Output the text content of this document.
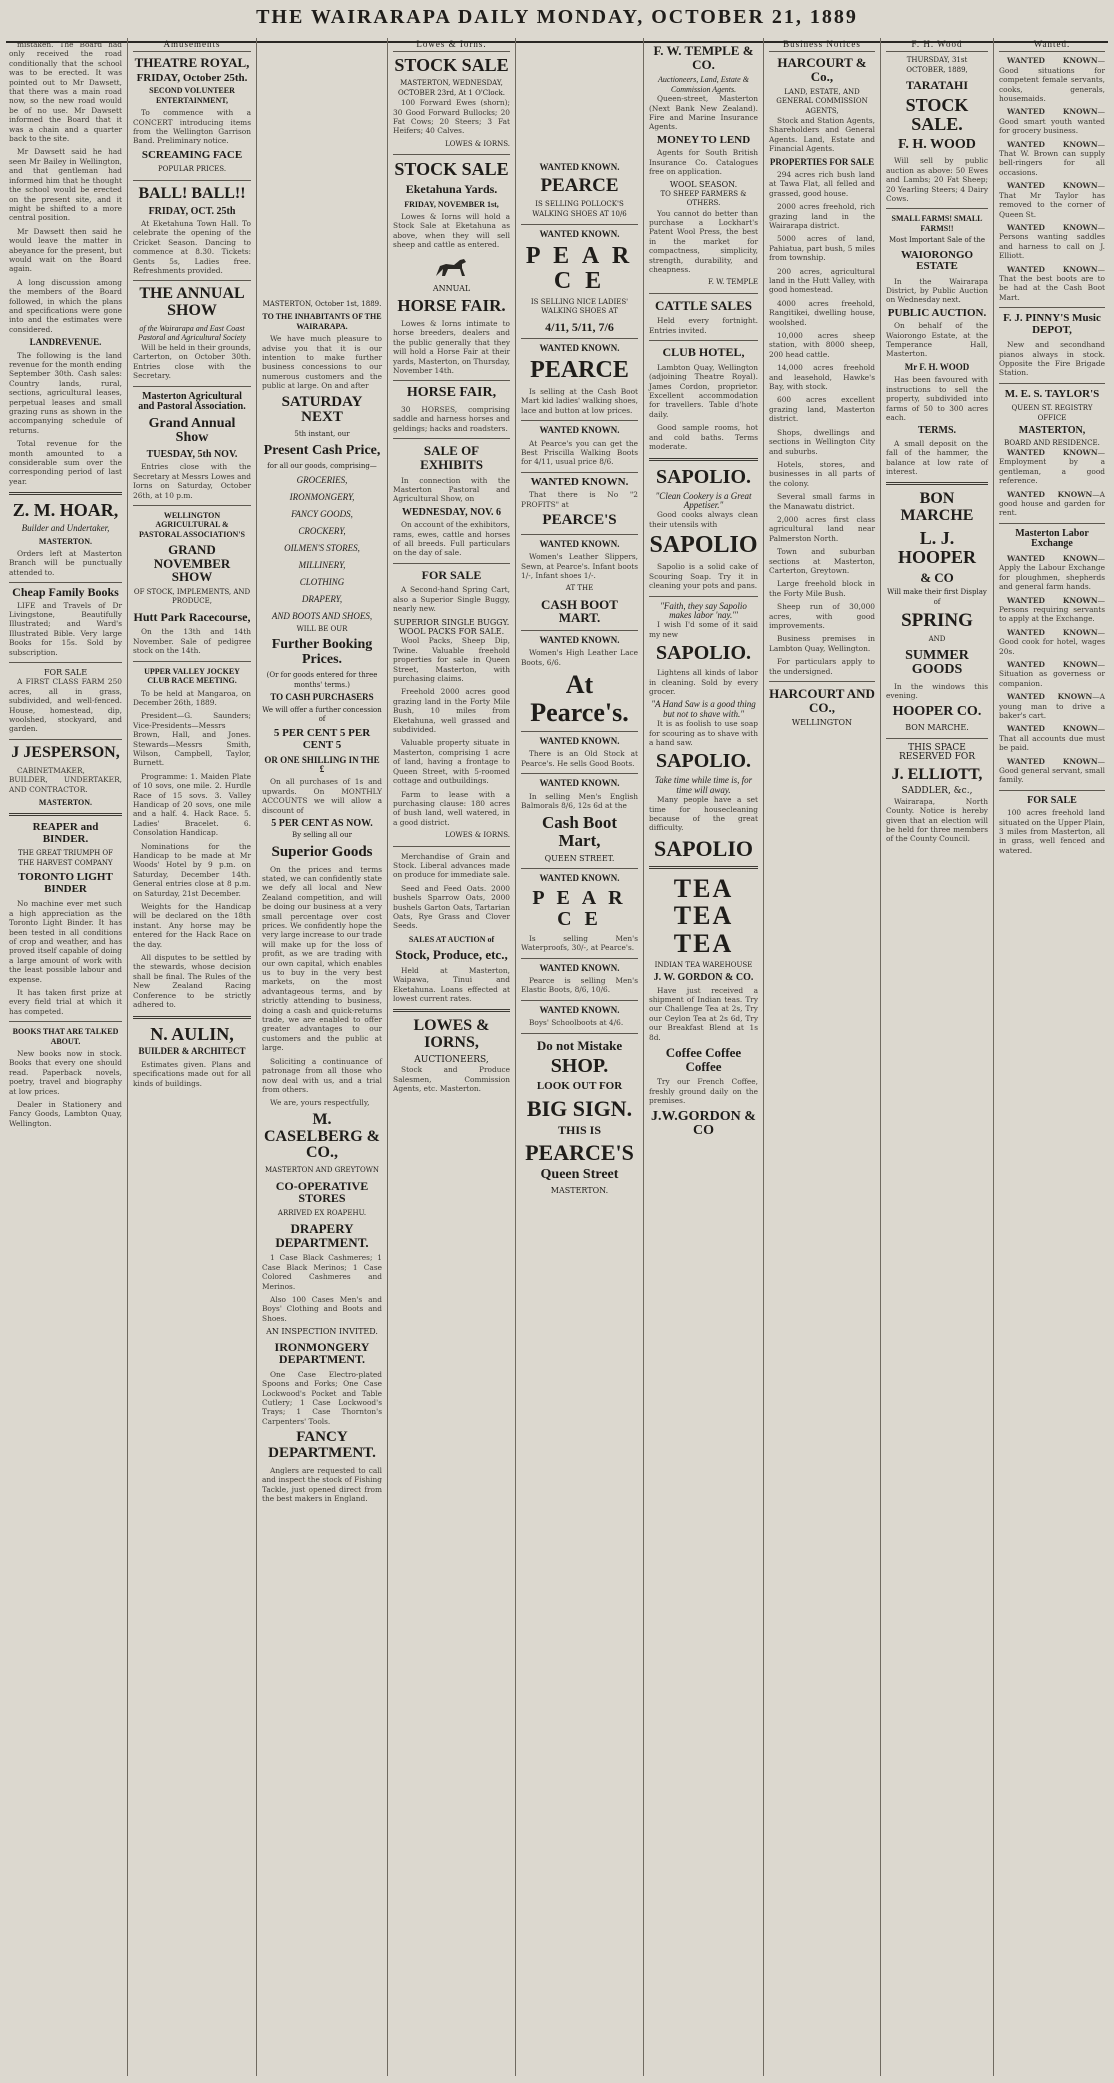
THE WAIRARAPA DAILY MONDAY, OCTOBER 21, 1889

mistaken. The Board had only received the road conditionally that the school was to be erected. It was pointed out to Mr Dawsett, that there was a main road now, so the new road would be of no use. Mr Dawsett informed the Board that it was a chain and a quarter back to the site.

Mr Dawsett said he had seen Mr Bailey in Wellington, and that gentleman had informed him that he thought the school would be erected on the present site, and it might be shifted to a more central position.

Mr Dawsett then said he would leave the matter in abeyance for the present, but would wait on the Board again.

A long discussion among the members of the Board followed, in which the plans and specifications were gone into and the estimates were considered.

LANDREVENUE.

The following is the land revenue for the month ending September 30th. Cash sales: Country lands, rural, sections, agricultural leases, perpetual leases and small grazing runs as shown in the accompanying schedule of returns.

Total revenue for the month amounted to a considerable sum over the corresponding period of last year.

Z. M. HOAR,
Builder and Undertaker,
MASTERTON.

Orders left at Masterton Branch will be punctually attended to.

Cheap Family Books

LIFE and Travels of Dr Livingstone, Beautifully Illustrated; and Ward's Illustrated Bible. Very large Books for 15s. Sold by subscription.

FOR SALE

A FIRST CLASS FARM 250 acres, all in grass, subdivided, and well-fenced. House, homestead, dip, woolshed, stockyard, and garden.

J JESPERSON,

CABINETMAKER, BUILDER, UNDERTAKER, AND CONTRACTOR.

MASTERTON.
REAPER and BINDER.
THE GREAT TRIUMPH OF THE HARVEST COMPANY
TORONTO LIGHT BINDER

No machine ever met such a high appreciation as the Toronto Light Binder. It has been tested in all conditions of crop and weather, and has proved itself capable of doing a large amount of work with the least possible labour and expense.

It has taken first prize at every field trial at which it has competed.

BOOKS THAT ARE TALKED ABOUT.

New books now in stock. Books that every one should read. Paperback novels, poetry, travel and biography at low prices.

Dealer in Stationery and Fancy Goods, Lambton Quay, Wellington.

Amusements
THEATRE ROYAL,
FRIDAY, October 25th.
SECOND VOLUNTEER ENTERTAINMENT,

To commence with a CONCERT introducing items from the Wellington Garrison Band. Preliminary notice.

SCREAMING FACE
POPULAR PRICES.
BALL! BALL!!
FRIDAY, OCT. 25th

At Eketahuna Town Hall. To celebrate the opening of the Cricket Season. Dancing to commence at 8.30. Tickets: Gents 5s, Ladies free. Refreshments provided.

THE ANNUAL SHOW
of the Wairarapa and East Coast Pastoral and Agricultural Society

Will be held in their grounds, Carterton, on October 30th. Entries close with the Secretary.

Masterton Agricultural and Pastoral Association.
Grand Annual Show
TUESDAY, 5th NOV.

Entries close with the Secretary at Messrs Lowes and Iorns on Saturday, October 26th, at 10 p.m.

WELLINGTON AGRICULTURAL & PASTORAL ASSOCIATION'S
GRAND NOVEMBER SHOW
OF STOCK, IMPLEMENTS, AND PRODUCE,
Hutt Park Racecourse,

On the 13th and 14th November. Sale of pedigree stock on the 14th.

UPPER VALLEY JOCKEY CLUB RACE MEETING.

To be held at Mangaroa, on December 26th, 1889.

President—G. Saunders; Vice-Presidents—Messrs Brown, Hall, and Jones. Stewards—Messrs Smith, Wilson, Campbell, Taylor, Burnett.

Programme: 1. Maiden Plate of 10 sovs, one mile. 2. Hurdle Race of 15 sovs. 3. Valley Handicap of 20 sovs, one mile and a half. 4. Hack Race. 5. Ladies' Bracelet. 6. Consolation Handicap.

Nominations for the Handicap to be made at Mr Woods' Hotel by 9 p.m. on Saturday, December 14th. General entries close at 8 p.m. on Saturday, 21st December.

Weights for the Handicap will be declared on the 18th instant. Any horse may be entered for the Hack Race on the day.

All disputes to be settled by the stewards, whose decision shall be final. The Rules of the New Zealand Racing Conference to be strictly adhered to.

N. AULIN,
BUILDER & ARCHITECT

Estimates given. Plans and specifications made out for all kinds of buildings.

MASTERTON, October 1st, 1889.
TO THE INHABITANTS OF THE WAIRARAPA.

We have much pleasure to advise you that it is our intention to make further business concessions to our numerous customers and the public at large. On and after

SATURDAY NEXT
5th instant, our
Present Cash Price,
for all our goods, comprising—
GROCERIES,
IRONMONGERY,
FANCY GOODS,
CROCKERY,
OILMEN'S STORES,
MILLINERY,
CLOTHING
DRAPERY,
AND BOOTS AND SHOES,
WILL BE OUR
Further Booking Prices.
(Or for goods entered for three months' terms.)
TO CASH PURCHASERS
We will offer a further concession of
5 PER CENT 5 PER CENT 5
OR ONE SHILLING IN THE £

On all purchases of 1s and upwards. On MONTHLY ACCOUNTS we will allow a discount of

5 PER CENT AS NOW.
By selling all our
Superior Goods

On the prices and terms stated, we can confidently state we defy all local and New Zealand competition, and will be doing our business at a very small percentage over cost prices. We confidently hope the very large increase to our trade will make up for the loss of profit, as we are trading with our own capital, which enables us to buy in the very best markets, on the most advantageous terms, and by strictly attending to business, doing a cash and quick-returns trade, we are enabled to offer greater advantages to our customers and the public at large.

Soliciting a continuance of patronage from all those who now deal with us, and a trial from others.

We are, yours respectfully,

M. CASELBERG & CO.,
MASTERTON AND GREYTOWN
CO-OPERATIVE STORES
ARRIVED EX ROAPEHU.
DRAPERY DEPARTMENT.

1 Case Black Cashmeres; 1 Case Black Merinos; 1 Case Colored Cashmeres and Merinos.

Also 100 Cases Men's and Boys' Clothing and Boots and Shoes.

AN INSPECTION INVITED.
IRONMONGERY DEPARTMENT.

One Case Electro-plated Spoons and Forks; One Case Lockwood's Pocket and Table Cutlery; 1 Case Lockwood's Trays; 1 Case Thornton's Carpenters' Tools.

FANCY DEPARTMENT.

Anglers are requested to call and inspect the stock of Fishing Tackle, just opened direct from the best makers in England.

Lowes & Iorns.
STOCK SALE
MASTERTON, WEDNESDAY, OCTOBER 23rd, At 1 O'Clock.

100 Forward Ewes (shorn); 30 Good Forward Bullocks; 20 Fat Cows; 20 Steers; 3 Fat Heifers; 40 Calves.

LOWES & IORNS.
STOCK SALE
Eketahuna Yards.
FRIDAY, NOVEMBER 1st,

Lowes & Iorns will hold a Stock Sale at Eketahuna as above, when they will sell sheep and cattle as entered.

ANNUAL
HORSE FAIR.

Lowes & Iorns intimate to horse breeders, dealers and the public generally that they will hold a Horse Fair at their yards, Masterton, on Thursday, November 14th.

HORSE FAIR,

30 HORSES, comprising saddle and harness horses and geldings; hacks and roadsters.

SALE OF EXHIBITS

In connection with the Masterton Pastoral and Agricultural Show, on

WEDNESDAY, NOV. 6

On account of the exhibitors, rams, ewes, cattle and horses of all breeds. Full particulars on the day of sale.

FOR SALE

A Second-hand Spring Cart, also a Superior Single Buggy, nearly new.

SUPERIOR SINGLE BUGGY.
WOOL PACKS FOR SALE.

Wool Packs, Sheep Dip, Twine. Valuable freehold properties for sale in Queen Street, Masterton, with purchasing claims.

Freehold 2000 acres good grazing land in the Forty Mile Bush, 10 miles from Eketahuna, well grassed and subdivided.

Valuable property situate in Masterton, comprising 1 acre of land, having a frontage to Queen Street, with 5-roomed cottage and outbuildings.

Farm to lease with a purchasing clause: 180 acres of bush land, well watered, in a good district.

LOWES & IORNS.

Merchandise of Grain and Stock. Liberal advances made on produce for immediate sale.

Seed and Feed Oats. 2000 bushels Sparrow Oats, 2000 bushels Garton Oats, Tartarian Oats, Rye Grass and Clover Seeds.

SALES AT AUCTION of
Stock, Produce, etc.,

Held at Masterton, Waipawa, Tinui and Eketahuna. Loans effected at lowest current rates.

LOWES & IORNS,
AUCTIONEERS,

Stock and Produce Salesmen, Commission Agents, etc. Masterton.

WANTED KNOWN.
PEARCE
IS SELLING POLLOCK'S WALKING SHOES AT 10/6
WANTED KNOWN.
P E A R C E
IS SELLING NICE LADIES' WALKING SHOES AT
4/11, 5/11, 7/6
WANTED KNOWN.
PEARCE

Is selling at the Cash Boot Mart kid ladies' walking shoes, lace and button at low prices.

WANTED KNOWN.

At Pearce's you can get the Best Priscilla Walking Boots for 4/11, usual price 8/6.

WANTED KNOWN.

That there is No "2 PROFITS" at

PEARCE'S
WANTED KNOWN.

Women's Leather Slippers, Sewn, at Pearce's. Infant boots 1/-, Infant shoes 1/-.

AT THE
CASH BOOT MART.
WANTED KNOWN.

Women's High Leather Lace Boots, 6/6.

At Pearce's.
WANTED KNOWN.

There is an Old Stock at Pearce's. He sells Good Boots.

WANTED KNOWN.

In selling Men's English Balmorals 8/6, 12s 6d at the

Cash Boot Mart,
QUEEN STREET.
WANTED KNOWN.
P E A R C E

Is selling Men's Waterproofs, 30/-, at Pearce's.

WANTED KNOWN.

Pearce is selling Men's Elastic Boots, 8/6, 10/6.

WANTED KNOWN.

Boys' Schoolboots at 4/6.

Do not Mistake
SHOP.
LOOK OUT FOR
BIG SIGN.
THIS IS
PEARCE'S
Queen Street
MASTERTON.
F. W. TEMPLE & CO.
Auctioneers, Land, Estate & Commission Agents.

Queen-street, Masterton (Next Bank New Zealand). Fire and Marine Insurance Agents.

MONEY TO LEND

Agents for South British Insurance Co. Catalogues free on application.

WOOL SEASON.
TO SHEEP FARMERS & OTHERS.

You cannot do better than purchase a Lockhart's Patent Wool Press, the best in the market for compactness, simplicity, strength, durability, and cheapness.

F. W. TEMPLE
CATTLE SALES

Held every fortnight. Entries invited.

CLUB HOTEL,

Lambton Quay, Wellington (adjoining Theatre Royal). James Cordon, proprietor. Excellent accommodation for travellers. Table d'hote daily.

Good sample rooms, hot and cold baths. Terms moderate.

SAPOLIO.
"Clean Cookery is a Great Appetiser."

Good cooks always clean their utensils with

SAPOLIO

Sapolio is a solid cake of Scouring Soap. Try it in cleaning your pots and pans.

"Faith, they say Sapolio makes labor 'nay.'"

I wish I'd some of it said my new

SAPOLIO.

Lightens all kinds of labor in cleaning. Sold by every grocer.

"A Hand Saw is a good thing but not to shave with."

It is as foolish to use soap for scouring as to shave with a hand saw.

SAPOLIO.
Take time while time is, for time will away.

Many people have a set time for housecleaning because of the great difficulty.

SAPOLIO
TEA TEA TEA
INDIAN TEA WAREHOUSE
J. W. GORDON & CO.

Have just received a shipment of Indian teas. Try our Challenge Tea at 2s, Try our Ceylon Tea at 2s 6d, Try our Breakfast Blend at 1s 8d.

Coffee Coffee Coffee

Try our French Coffee, freshly ground daily on the premises.

J.W.GORDON & CO
Business Notices
HARCOURT & Co.,
LAND, ESTATE, AND GENERAL COMMISSION AGENTS,

Stock and Station Agents, Shareholders and General Agents. Land, Estate and Financial Agents.

PROPERTIES FOR SALE

294 acres rich bush land at Tawa Flat, all felled and grassed, good house.

2000 acres freehold, rich grazing land in the Wairarapa district.

5000 acres of land, Pahiatua, part bush, 5 miles from township.

200 acres, agricultural land in the Hutt Valley, with good homestead.

4000 acres freehold, Rangitikei, dwelling house, woolshed.

10,000 acres sheep station, with 8000 sheep, 200 head cattle.

14,000 acres freehold and leasehold, Hawke's Bay, with stock.

600 acres excellent grazing land, Masterton district.

Shops, dwellings and sections in Wellington City and suburbs.

Hotels, stores, and businesses in all parts of the colony.

Several small farms in the Manawatu district.

2,000 acres first class agricultural land near Palmerston North.

Town and suburban sections at Masterton, Carterton, Greytown.

Large freehold block in the Forty Mile Bush.

Sheep run of 30,000 acres, with good improvements.

Business premises in Lambton Quay, Wellington.

For particulars apply to the undersigned.

HARCOURT AND CO.,
WELLINGTON
F. H. Wood
THURSDAY, 31st OCTOBER, 1889,
TARATAHI
STOCK SALE.
F. H. WOOD

Will sell by public auction as above: 50 Ewes and Lambs; 20 Fat Sheep; 20 Yearling Steers; 4 Dairy Cows.

SMALL FARMS! SMALL FARMS!!
Most Important Sale of the
WAIORONGO ESTATE

In the Wairarapa District, by Public Auction on Wednesday next.

PUBLIC AUCTION.

On behalf of the Waiorongo Estate, at the Temperance Hall, Masterton.

Mr F. H. WOOD

Has been favoured with instructions to sell the property, subdivided into farms of 50 to 300 acres each.

TERMS.

A small deposit on the fall of the hammer, the balance at low rate of interest.

BON MARCHE
L. J. HOOPER
& CO
Will make their first Display of
SPRING
AND
SUMMER GOODS

In the windows this evening.

HOOPER CO.
BON MARCHE.
THIS SPACE RESERVED FOR
J. ELLIOTT,
SADDLER, &c.,

Wairarapa, North County. Notice is hereby given that an election will be held for three members of the County Council.

Wanted.

WANTED KNOWN—Good situations for competent female servants, cooks, generals, housemaids.

WANTED KNOWN—Good smart youth wanted for grocery business.

WANTED KNOWN—That W. Brown can supply bell-ringers for all occasions.

WANTED KNOWN—That Mr Taylor has removed to the corner of Queen St.

WANTED KNOWN—Persons wanting saddles and harness to call on J. Elliott.

WANTED KNOWN—That the best boots are to be had at the Cash Boot Mart.

F. J. PINNY'S Music DEPOT,

New and secondhand pianos always in stock. Opposite the Fire Brigade Station.

M. E. S. TAYLOR'S
QUEEN ST. REGISTRY OFFICE
MASTERTON,
BOARD AND RESIDENCE.

WANTED KNOWN—Employment by a gentleman, a good reference.

WANTED KNOWN—A good house and garden for rent.

Masterton Labor Exchange

WANTED KNOWN—Apply the Labour Exchange for ploughmen, shepherds and general farm hands.

WANTED KNOWN—Persons requiring servants to apply at the Exchange.

WANTED KNOWN—Good cook for hotel, wages 20s.

WANTED KNOWN—Situation as governess or companion.

WANTED KNOWN—A young man to drive a baker's cart.

WANTED KNOWN—That all accounts due must be paid.

WANTED KNOWN—Good general servant, small family.

FOR SALE

100 acres freehold land situated on the Upper Plain, 3 miles from Masterton, all in grass, well fenced and watered.
